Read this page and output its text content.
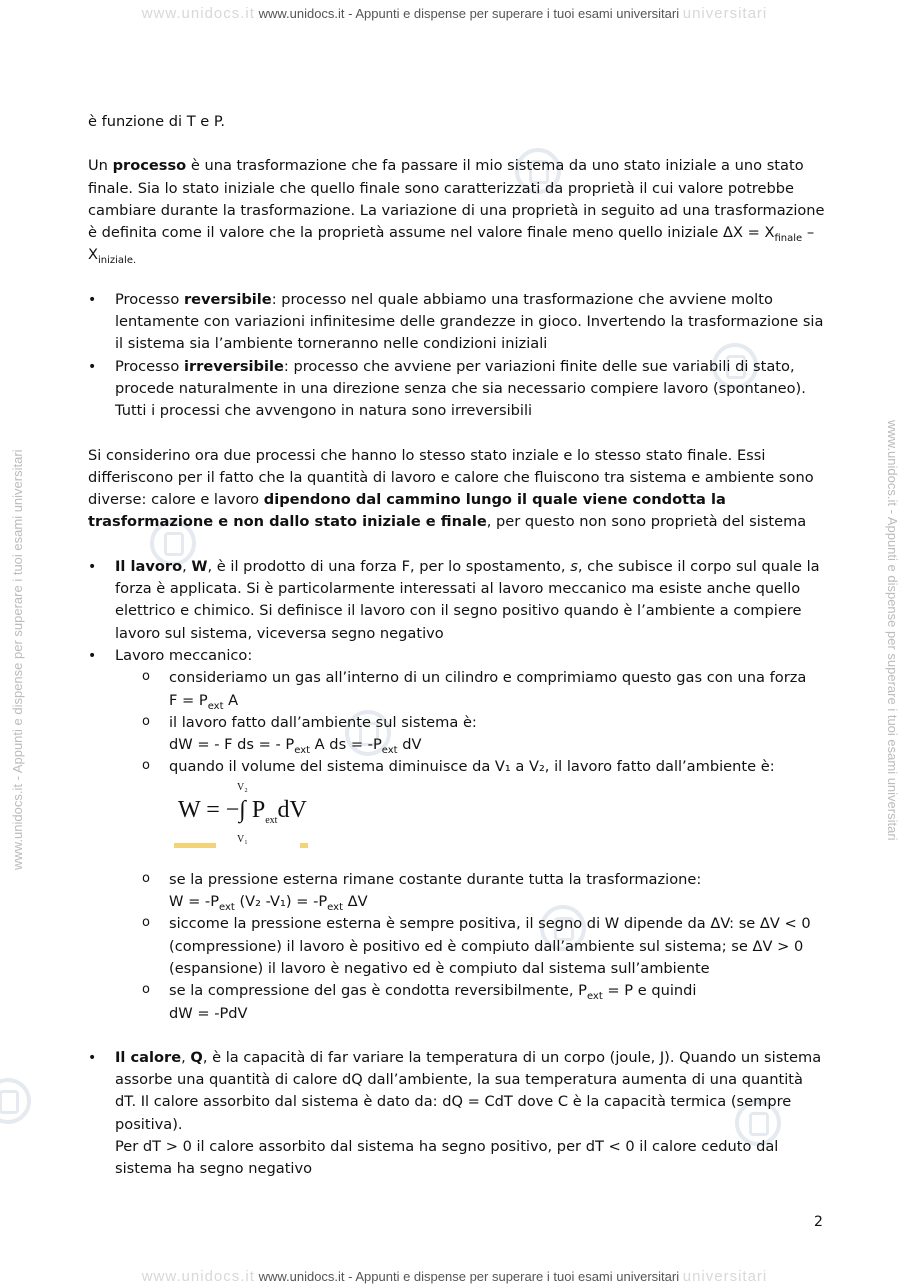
www.unidocs.it www.unidocs.it - Appunti e dispense per superare i tuoi esami universitari universitari
www.unidocs.it www.unidocs.it - Appunti e dispense per superare i tuoi esami universitari universitari
www.unidocs.it - Appunti e dispense per superare i tuoi esami universitari	www.unidocs.it - Appunti e dispense per superare i tuoi esami universitari

è funzione di T e P.

Un processo è una trasformazione che fa passare il mio sistema da uno stato iniziale a uno stato finale. Sia lo stato iniziale che quello finale sono caratterizzati da proprietà il cui valore potrebbe cambiare durante la trasformazione. La variazione di una proprietà in seguito ad una trasformazione è definita come il valore che la proprietà assume nel valore finale meno quello iniziale $\Delta X = X_{finale} - X_{iniziale.}$

• Processo reversibile: processo nel quale abbiamo una trasformazione che avviene molto lentamente con variazioni infinitesime delle grandezze in gioco. Invertendo la trasformazione sia il sistema sia l’ambiente torneranno nelle condizioni iniziali
• Processo irreversibile: processo che avviene per variazioni finite delle sue variabili di stato, procede naturalmente in una direzione senza che sia necessario compiere lavoro (spontaneo). Tutti i processi che avvengono in natura sono irreversibili

Si considerino ora due processi che hanno lo stesso stato inziale e lo stesso stato finale. Essi differiscono per il fatto che la quantità di lavoro e calore che fluiscono tra sistema e ambiente sono diverse: calore e lavoro dipendono dal cammino lungo il quale viene condotta la trasformazione e non dallo stato iniziale e finale, per questo non sono proprietà del sistema

• Il lavoro, W, è il prodotto di una forza F, per lo spostamento, s, che subisce il corpo sul quale la forza è applicata. Si è particolarmente interessati al lavoro meccanico ma esiste anche quello elettrico e chimico. Si definisce il lavoro con il segno positivo quando è l’ambiente a compiere lavoro sul sistema, viceversa segno negativo
• Lavoro meccanico:
o consideriamo un gas all’interno di un cilindro e comprimiamo questo gas con una forza
$F = P_{ext}$ A
o il lavoro fatto dall’ambiente sul sistema è:
dW = - F ds = - $P_{ext}$ A ds = $-P_{ext}$ dV
o quando il volume del sistema diminuisce da V₁ a V₂, il lavoro fatto dall’ambiente è:
V₂
W = −∫ $P_{ext}dV$
V₁
o se la pressione esterna rimane costante durante tutta la trasformazione:
$W = -P_{ext}$ (V₂ $-V_1) = -P_{ext}$ ΔV
o siccome la pressione esterna è sempre positiva, il segno di W dipende da ΔV: se ΔV < 0 (compressione) il lavoro è positivo ed è compiuto dall’ambiente sul sistema; se ΔV > 0 (espansione) il lavoro è negativo ed è compiuto dal sistema sull’ambiente
o se la compressione del gas è condotta reversibilmente, $P_{ext} = P$ e quindi
dW = -PdV
• Il calore, Q, è la capacità di far variare la temperatura di un corpo (joule, J). Quando un sistema assorbe una quantità di calore dQ dall’ambiente, la sua temperatura aumenta di una quantità dT. Il calore assorbito dal sistema è dato da: dQ = CdT dove C è la capacità termica (sempre positiva).
Per dT > 0 il calore assorbito dal sistema ha segno positivo, per dT < 0 il calore ceduto dal sistema ha segno negativo
2
